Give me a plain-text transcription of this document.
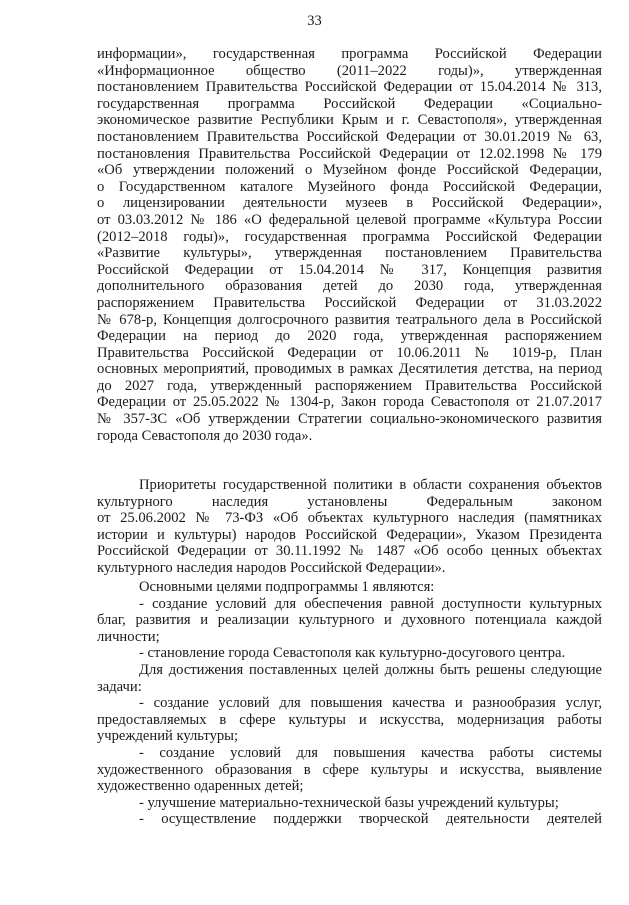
33
информации», государственная программа Российской Федерации
«Информационное общество (2011–2022 годы)», утвержденная
постановлением Правительства Российской Федерации от 15.04.2014 № 313,
государственная программа Российской Федерации «Социально-
экономическое развитие Республики Крым и г. Севастополя», утвержденная
постановлением Правительства Российской Федерации от 30.01.2019 № 63,
постановления Правительства Российской Федерации от 12.02.1998 № 179
«Об утверждении положений о Музейном фонде Российской Федерации,
о Государственном каталоге Музейного фонда Российской Федерации,
о лицензировании деятельности музеев в Российской Федерации»,
от 03.03.2012 № 186 «О федеральной целевой программе «Культура России
(2012–2018 годы)», государственная программа Российской Федерации
«Развитие культуры», утвержденная постановлением Правительства
Российской Федерации от 15.04.2014 № 317, Концепция развития
дополнительного образования детей до 2030 года, утвержденная
распоряжением Правительства Российской Федерации от 31.03.2022
№ 678-р, Концепция долгосрочного развития театрального дела в Российской
Федерации на период до 2020 года, утвержденная распоряжением
Правительства Российской Федерации от 10.06.2011 № 1019-р, План
основных мероприятий, проводимых в рамках Десятилетия детства, на период
до 2027 года, утвержденный распоряжением Правительства Российской
Федерации от 25.05.2022 № 1304-р, Закон города Севастополя от 21.07.2017
№ 357-ЗС «Об утверждении Стратегии социально-экономического развития
города Севастополя до 2030 года».
Приоритеты государственной политики в области сохранения объектов
культурного наследия установлены Федеральным законом
от 25.06.2002 № 73-ФЗ «Об объектах культурного наследия (памятниках
истории и культуры) народов Российской Федерации», Указом Президента
Российской Федерации от 30.11.1992 № 1487 «Об особо ценных объектах
культурного наследия народов Российской Федерации».
Основными целями подпрограммы 1 являются:
- создание условий для обеспечения равной доступности культурных
благ, развития и реализации культурного и духовного потенциала каждой
личности;
- становление города Севастополя как культурно-досугового центра.
Для достижения поставленных целей должны быть решены следующие
задачи:
- создание условий для повышения качества и разнообразия услуг,
предоставляемых в сфере культуры и искусства, модернизация работы
учреждений культуры;
- создание условий для повышения качества работы системы
художественного образования в сфере культуры и искусства, выявление
художественно одаренных детей;
- улучшение материально-технической базы учреждений культуры;
- осуществление поддержки творческой деятельности деятелей
